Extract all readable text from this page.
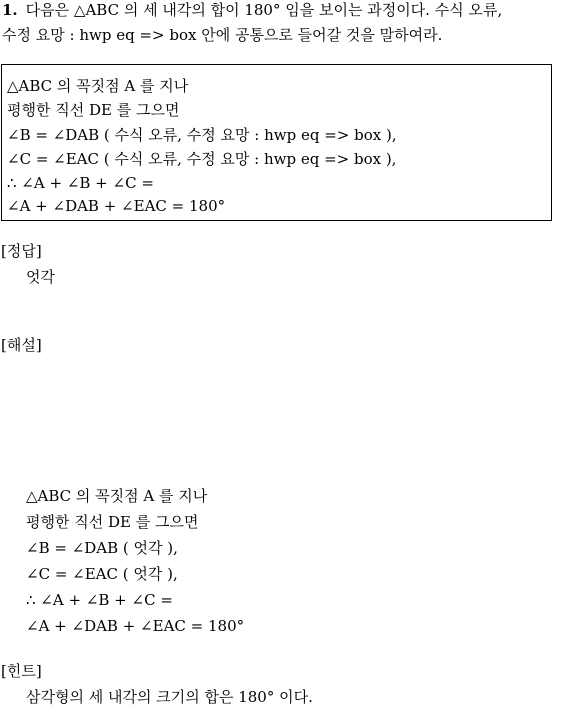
1. 다음은 △ABC 의 세 내각의 합이 180° 임을 보이는 과정이다. 수식 오류,
수정 요망 : hwp eq => box 안에 공통으로 들어갈 것을 말하여라.
△ABC 의 꼭짓점 A 를 지나
평행한 직선 DE 를 그으면
∠B = ∠DAB ( 수식 오류, 수정 요망 : hwp eq => box ),
∠C = ∠EAC ( 수식 오류, 수정 요망 : hwp eq => box ),
∴ ∠A + ∠B + ∠C =
∠A + ∠DAB + ∠EAC = 180°
[정답]
엇각
[해설]
△ABC 의 꼭짓점 A 를 지나
평행한 직선 DE 를 그으면
∠B = ∠DAB ( 엇각 ),
∠C = ∠EAC ( 엇각 ),
∴ ∠A + ∠B + ∠C =
∠A + ∠DAB + ∠EAC = 180°
[힌트]
삼각형의 세 내각의 크기의 합은 180° 이다.
